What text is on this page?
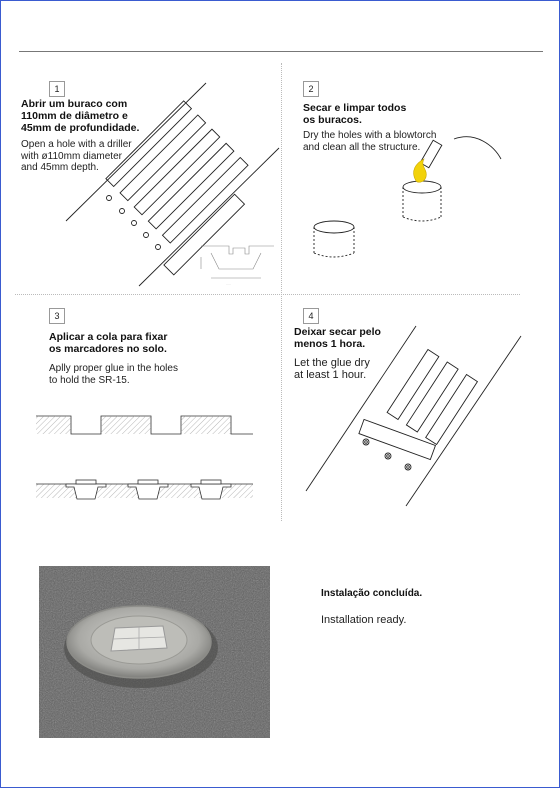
1
Abrir um buraco com
110mm de diâmetro e
45mm de profundidade.
Open a hole with a driller
with ø110mm diameter
and 45mm depth.
·····
2
Secar e limpar todos
os buracos.
Dry the holes with a blowtorch
and clean all the structure.
3
Aplicar a cola para fixar
os marcadores no solo.
Aplly proper glue in the holes
to hold the SR-15.
4
Deixar secar pelo
menos 1 hora.
Let the glue dry
at least 1 hour.
Instalação concluída.
Installation ready.
